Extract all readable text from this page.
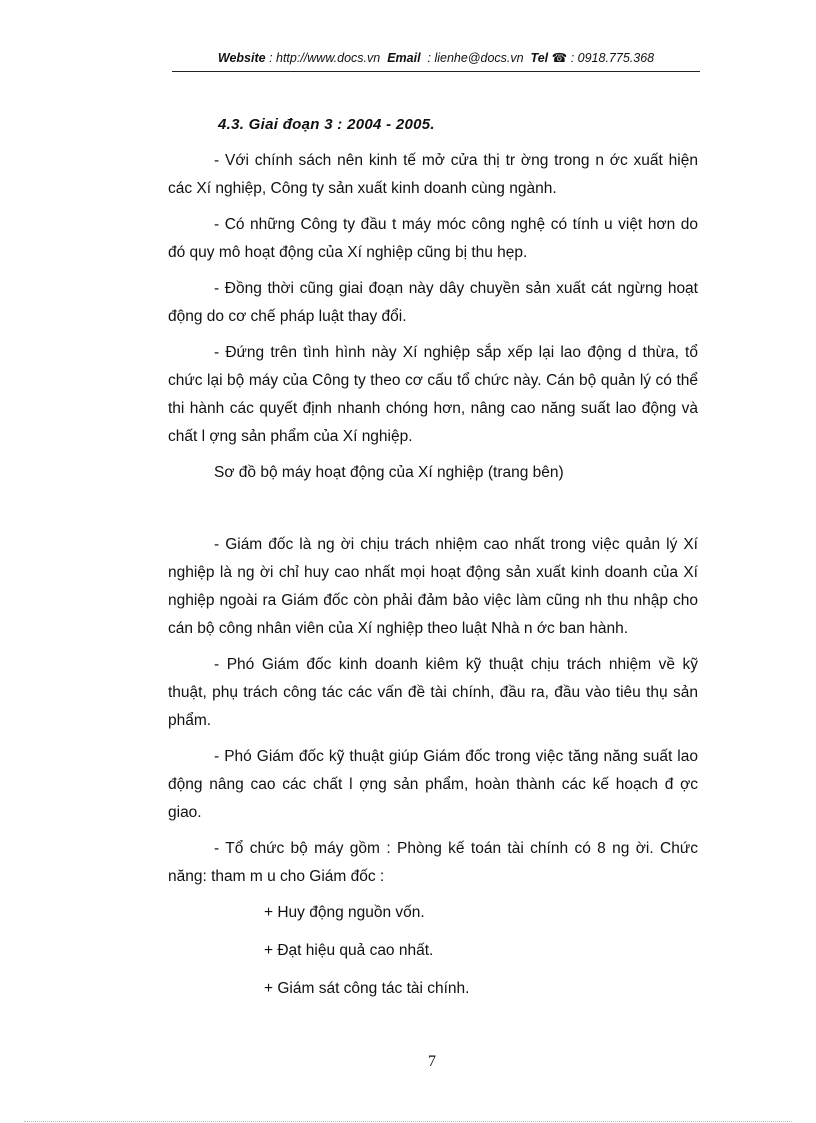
Website : http://www.docs.vn Email : lienhe@docs.vn Tel ☎ : 0918.775.368
4.3. Giai đoạn 3 : 2004 - 2005.

- Với chính sách nên kinh tế mở cửa thị tr ờng trong n ớc xuất hiện các Xí nghiệp, Công ty sản xuất kinh doanh cùng ngành.

- Có những Công ty đầu t máy móc công nghệ có tính u việt hơn do đó quy mô hoạt động của Xí nghiệp cũng bị thu hẹp.

- Đồng thời cũng giai đoạn này dây chuyền sản xuất cát ngừng hoạt động do cơ chế pháp luật thay đổi.

- Đứng trên tình hình này Xí nghiệp sắp xếp lại lao động d thừa, tổ chức lại bộ máy của Công ty theo cơ cấu tổ chức này. Cán bộ quản lý có thể thi hành các quyết định nhanh chóng hơn, nâng cao năng suất lao động và chất l ợng sản phẩm của Xí nghiệp.

Sơ đồ bộ máy hoạt động của Xí nghiệp (trang bên)

- Giám đốc là ng ời chịu trách nhiệm cao nhất trong việc quản lý Xí nghiệp là ng ời chỉ huy cao nhất mọi hoạt động sản xuất kinh doanh của Xí nghiệp ngoài ra Giám đốc còn phải đảm bảo việc làm cũng nh thu nhập cho cán bộ công nhân viên của Xí nghiệp theo luật Nhà n ớc ban hành.

- Phó Giám đốc kinh doanh kiêm kỹ thuật chịu trách nhiệm về kỹ thuật, phụ trách công tác các vấn đề tài chính, đầu ra, đầu vào tiêu thụ sản phẩm.

- Phó Giám đốc kỹ thuật giúp Giám đốc trong việc tăng năng suất lao động nâng cao các chất l ợng sản phẩm, hoàn thành các kế hoạch đ ợc giao.

- Tổ chức bộ máy gồm : Phòng kế toán tài chính có 8 ng ời. Chức năng: tham m u cho Giám đốc :

+ Huy động nguồn vốn.
+ Đạt hiệu quả cao nhất.
+ Giám sát công tác tài chính.
7
